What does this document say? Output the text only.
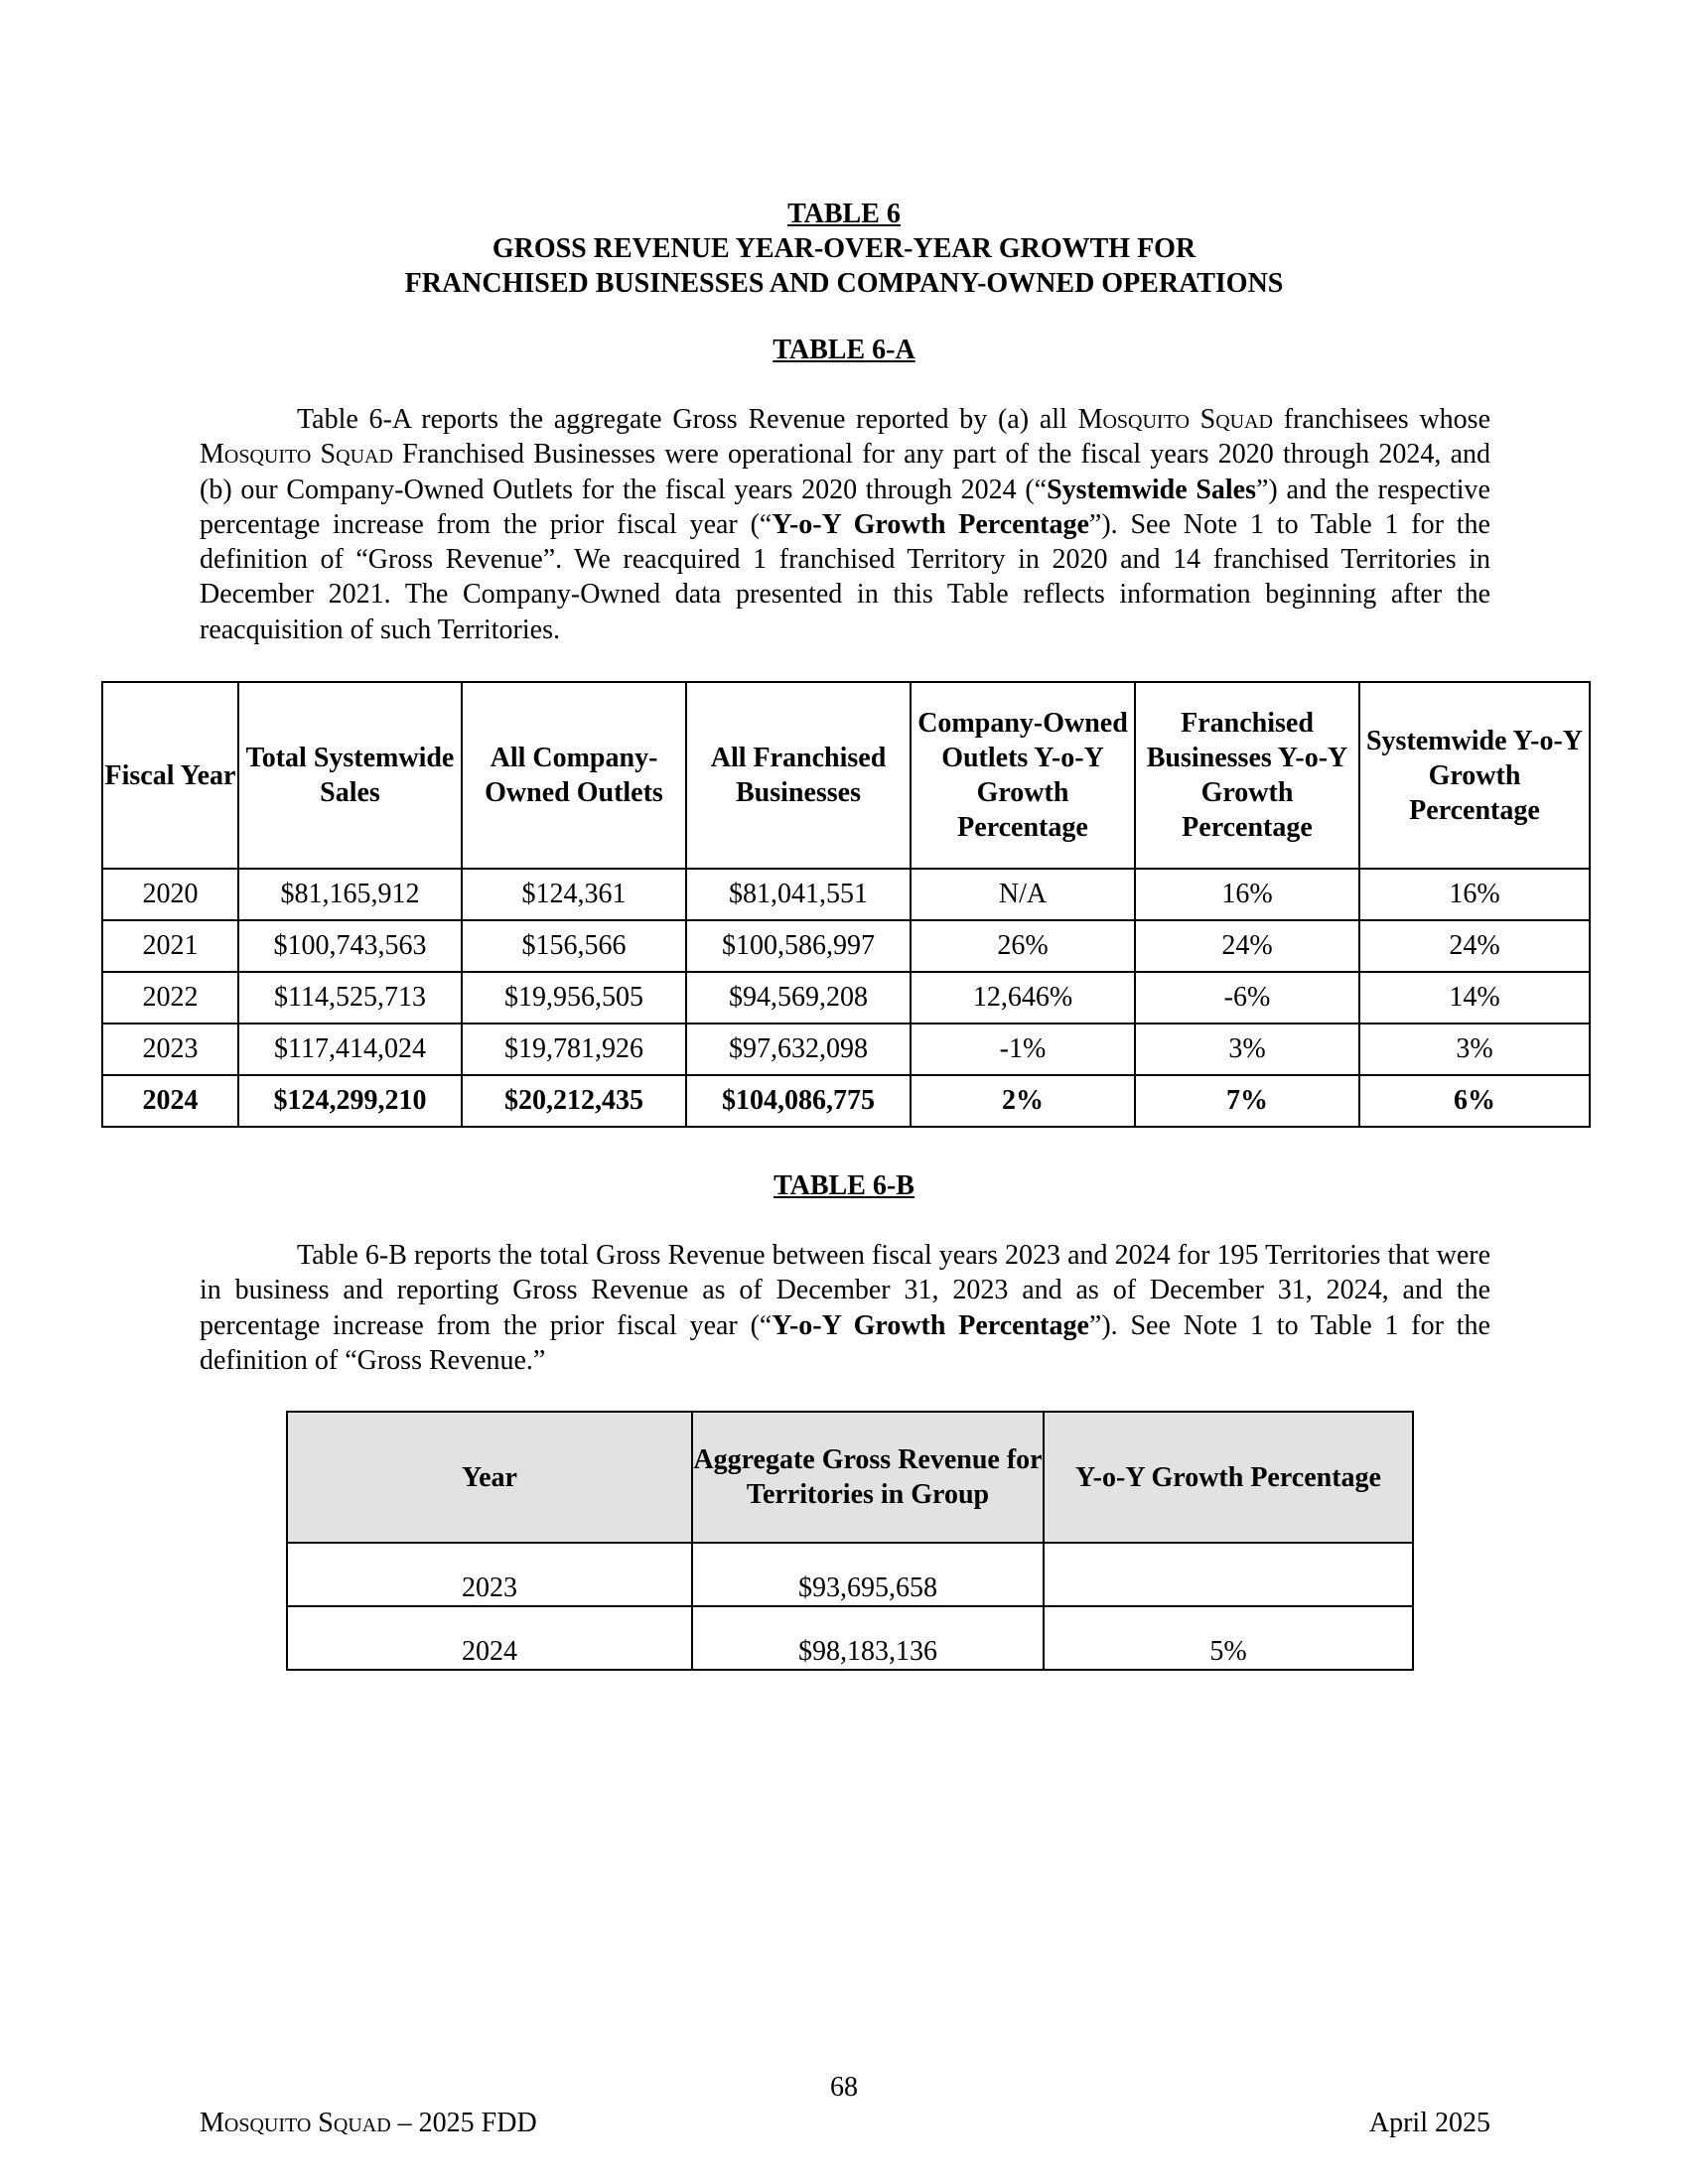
TABLE 6
GROSS REVENUE YEAR-OVER-YEAR GROWTH FOR
FRANCHISED BUSINESSES AND COMPANY-OWNED OPERATIONS
TABLE 6-A

Table 6-A reports the aggregate Gross Revenue reported by (a) all Mosquito Squad franchisees whose Mosquito Squad Franchised Businesses were operational for any part of the fiscal years 2020 through 2024, and (b) our Company-Owned Outlets for the fiscal years 2020 through 2024 (“Systemwide Sales”) and the respective percentage increase from the prior fiscal year (“Y-o-Y Growth Percentage”). See Note 1 to Table 1 for the definition of “Gross Revenue”. We reacquired 1 franchised Territory in 2020 and 14 franchised Territories in December 2021. The Company-Owned data presented in this Table reflects information beginning after the reacquisition of such Territories.

Fiscal Year	Total Systemwide Sales	All Company-Owned Outlets	All Franchised Businesses	Company-Owned Outlets Y-o-Y Growth Percentage	Franchised Businesses Y-o-Y Growth Percentage	Systemwide Y-o-Y Growth Percentage
2020	$81,165,912	$124,361	$81,041,551	N/A	16%	16%
2021	$100,743,563	$156,566	$100,586,997	26%	24%	24%
2022	$114,525,713	$19,956,505	$94,569,208	12,646%	-6%	14%
2023	$117,414,024	$19,781,926	$97,632,098	-1%	3%	3%
2024	$124,299,210	$20,212,435	$104,086,775	2%	7%	6%
TABLE 6-B

Table 6-B reports the total Gross Revenue between fiscal years 2023 and 2024 for 195 Territories that were in business and reporting Gross Revenue as of December 31, 2023 and as of December 31, 2024, and the percentage increase from the prior fiscal year (“Y-o-Y Growth Percentage”). See Note 1 to Table 1 for the definition of “Gross Revenue.”

Year	Aggregate Gross Revenue for Territories in Group	Y-o-Y Growth Percentage
2023	$93,695,658	
2024	$98,183,136	5%
68
Mosquito Squad – 2025 FDD	April 2025
